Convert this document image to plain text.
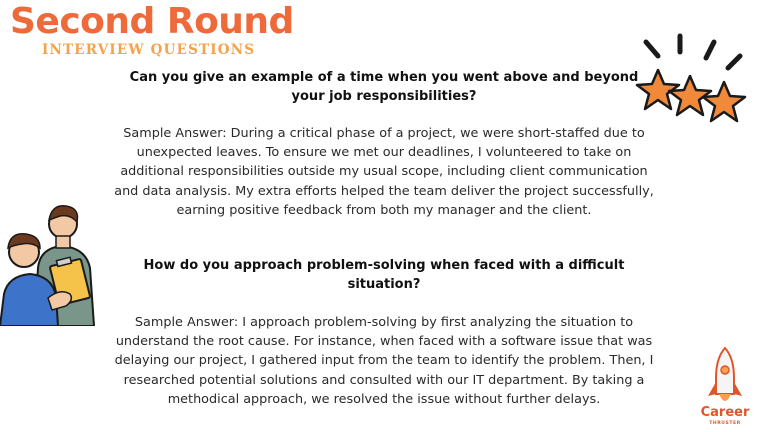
Second Round
INTERVIEW QUESTIONS

Can you give an example of a time when you went above and beyond your job responsibilities?

Sample Answer: During a critical phase of a project, we were short-staffed due to unexpected leaves. To ensure we met our deadlines, I volunteered to take on additional responsibilities outside my usual scope, including client communication and data analysis. My extra efforts helped the team deliver the project successfully, earning positive feedback from both my manager and the client.

How do you approach problem-solving when faced with a difficult situation?

Sample Answer: I approach problem-solving by first analyzing the situation to understand the root cause. For instance, when faced with a software issue that was delaying our project, I gathered input from the team to identify the problem. Then, I researched potential solutions and consulted with our IT department. By taking a methodical approach, we resolved the issue without further delays.

Career
THRUSTER
